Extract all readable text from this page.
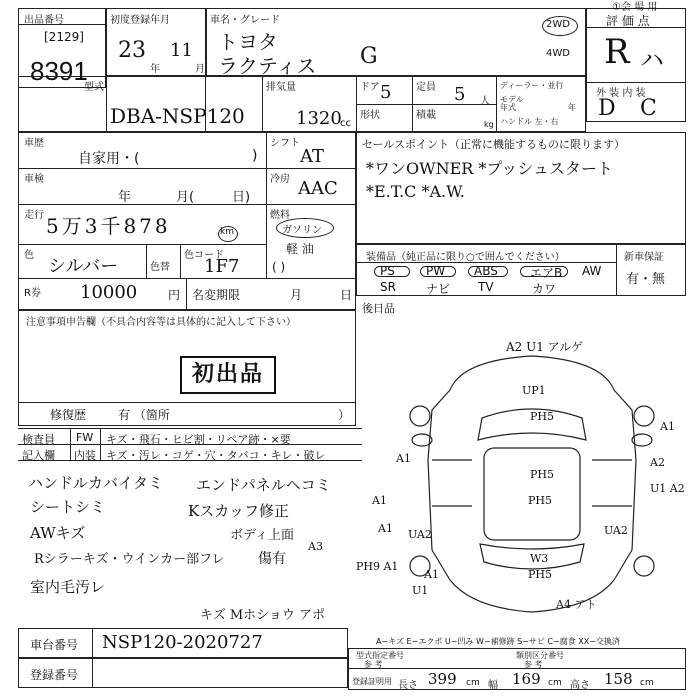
出品番号
[2129]
8391
初度登録年月
23
年
11
月
車名・グレード
トヨタ
ラクティス G
2WD
4WD
①会 場 用
評 価 点
R ハ
外 装 内 装
D C
型式
DBA-NSP120
排気量
1320
cc
ドア 5 定員 5 人
形状	積載
kg
ディーラー・並行
モデル 年式	年
ハンドル 左・右
車歴
自家用・(	)
シフト
AT
車検
年	月(	日)
冷房 AAC
走行 5万3千878	km
燃料
ガソリン
軽 油
( )
色
シルバー	色替
色コード
1F7
R券 10000	円 名変期限	月	日
セールスポイント（正常に機能するものに限ります）
*ワンOWNER *プッシュスタート
*E.T.C *A.W.
装備品（純正品に限り○で囲んでください）	新車保証
有・無
PS	PW ABS	エアB AW
SR	ナビ TV	カワ
後日品
注意事項申告欄（不具合内容等は具体的に記入して下さい）
初出品
修復歴	有 （箇所	）
検査員
記入欄
FW キズ・飛石・ヒビ割・リペア跡・×要
内装 キズ・汚レ・コゲ・穴・タバコ・キレ・破レ
ハンドルカバイタミ エンドパネルヘコミ
シートシミ	Kスカッフ修正
AWキズ	ボディ上面
Rシラーキズ・ウインカー部フレ 傷有
室内毛汚レ
キズ Mホショウ アポ
A2 U1 アルゲ
UP1
PH5
A1
A1
PH5
A2
U1 A2
PH5
A1 UA2
W3
PH5
A1
U1
UA2
A4 アト
A1
A3
PH9 A1
A−キズ E−エクボ U−凹み W−補修跡 S−サビ C−腐食 XX−交換済
車台番号 NSP120-2020727
登録番号
型式指定番号
参 考
類別区分番号
参 考
登録証明用 長さ 399 cm 幅 169 cm 高さ 158 cm
